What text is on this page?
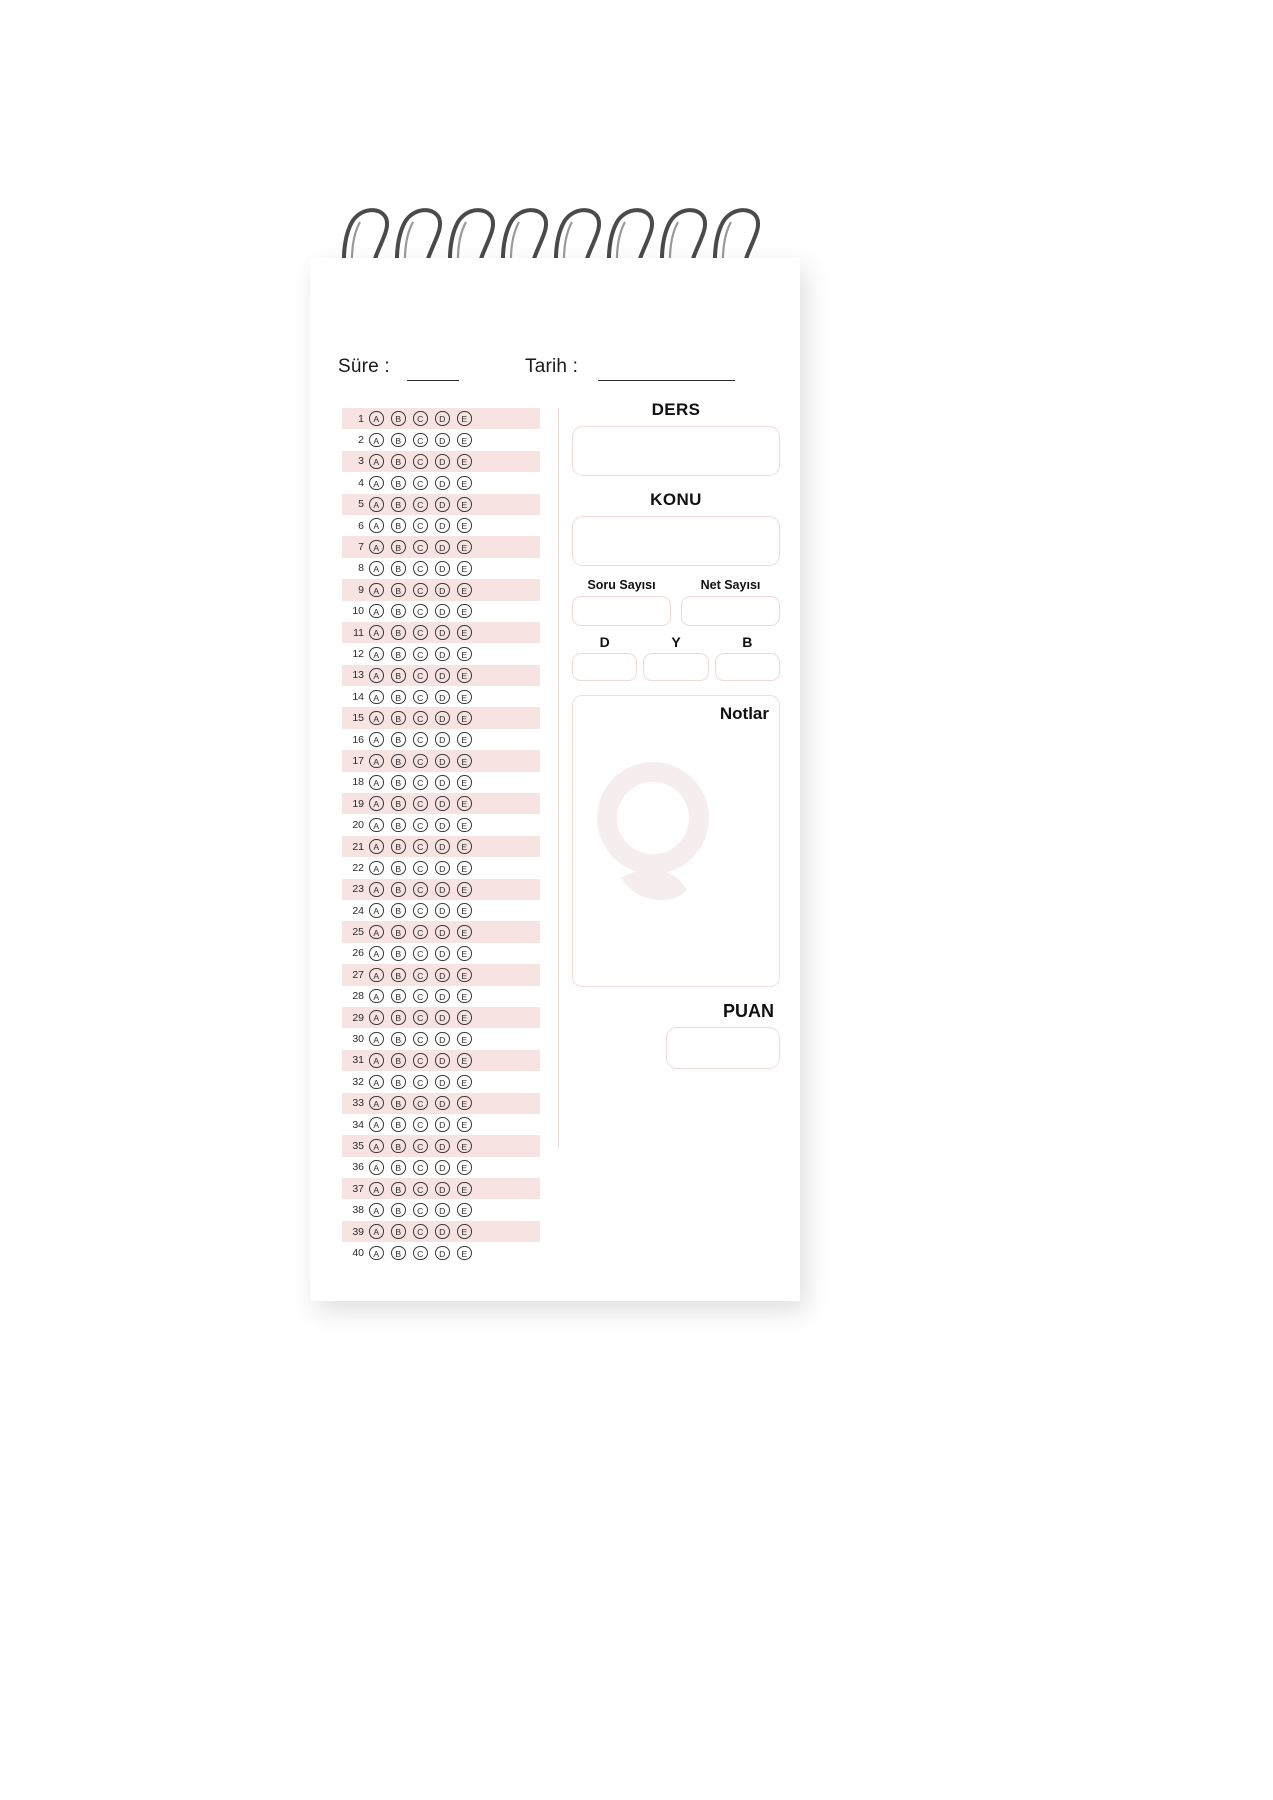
Süre :	Tarih :
1	A	B	C	D	E
2	A	B	C	D	E
3	A	B	C	D	E
4	A	B	C	D	E
5	A	B	C	D	E
6	A	B	C	D	E
7	A	B	C	D	E
8	A	B	C	D	E
9	A	B	C	D	E
10	A	B	C	D	E
11	A	B	C	D	E
12	A	B	C	D	E
13	A	B	C	D	E
14	A	B	C	D	E
15	A	B	C	D	E
16	A	B	C	D	E
17	A	B	C	D	E
18	A	B	C	D	E
19	A	B	C	D	E
20	A	B	C	D	E
21	A	B	C	D	E
22	A	B	C	D	E
23	A	B	C	D	E
24	A	B	C	D	E
25	A	B	C	D	E
26	A	B	C	D	E
27	A	B	C	D	E
28	A	B	C	D	E
29	A	B	C	D	E
30	A	B	C	D	E
31	A	B	C	D	E
32	A	B	C	D	E
33	A	B	C	D	E
34	A	B	C	D	E
35	A	B	C	D	E
36	A	B	C	D	E
37	A	B	C	D	E
38	A	B	C	D	E
39	A	B	C	D	E
40	A	B	C	D	E
DERS
KONU
Soru Sayısı	Net Sayısı
D	Y	B
Notlar
PUAN
